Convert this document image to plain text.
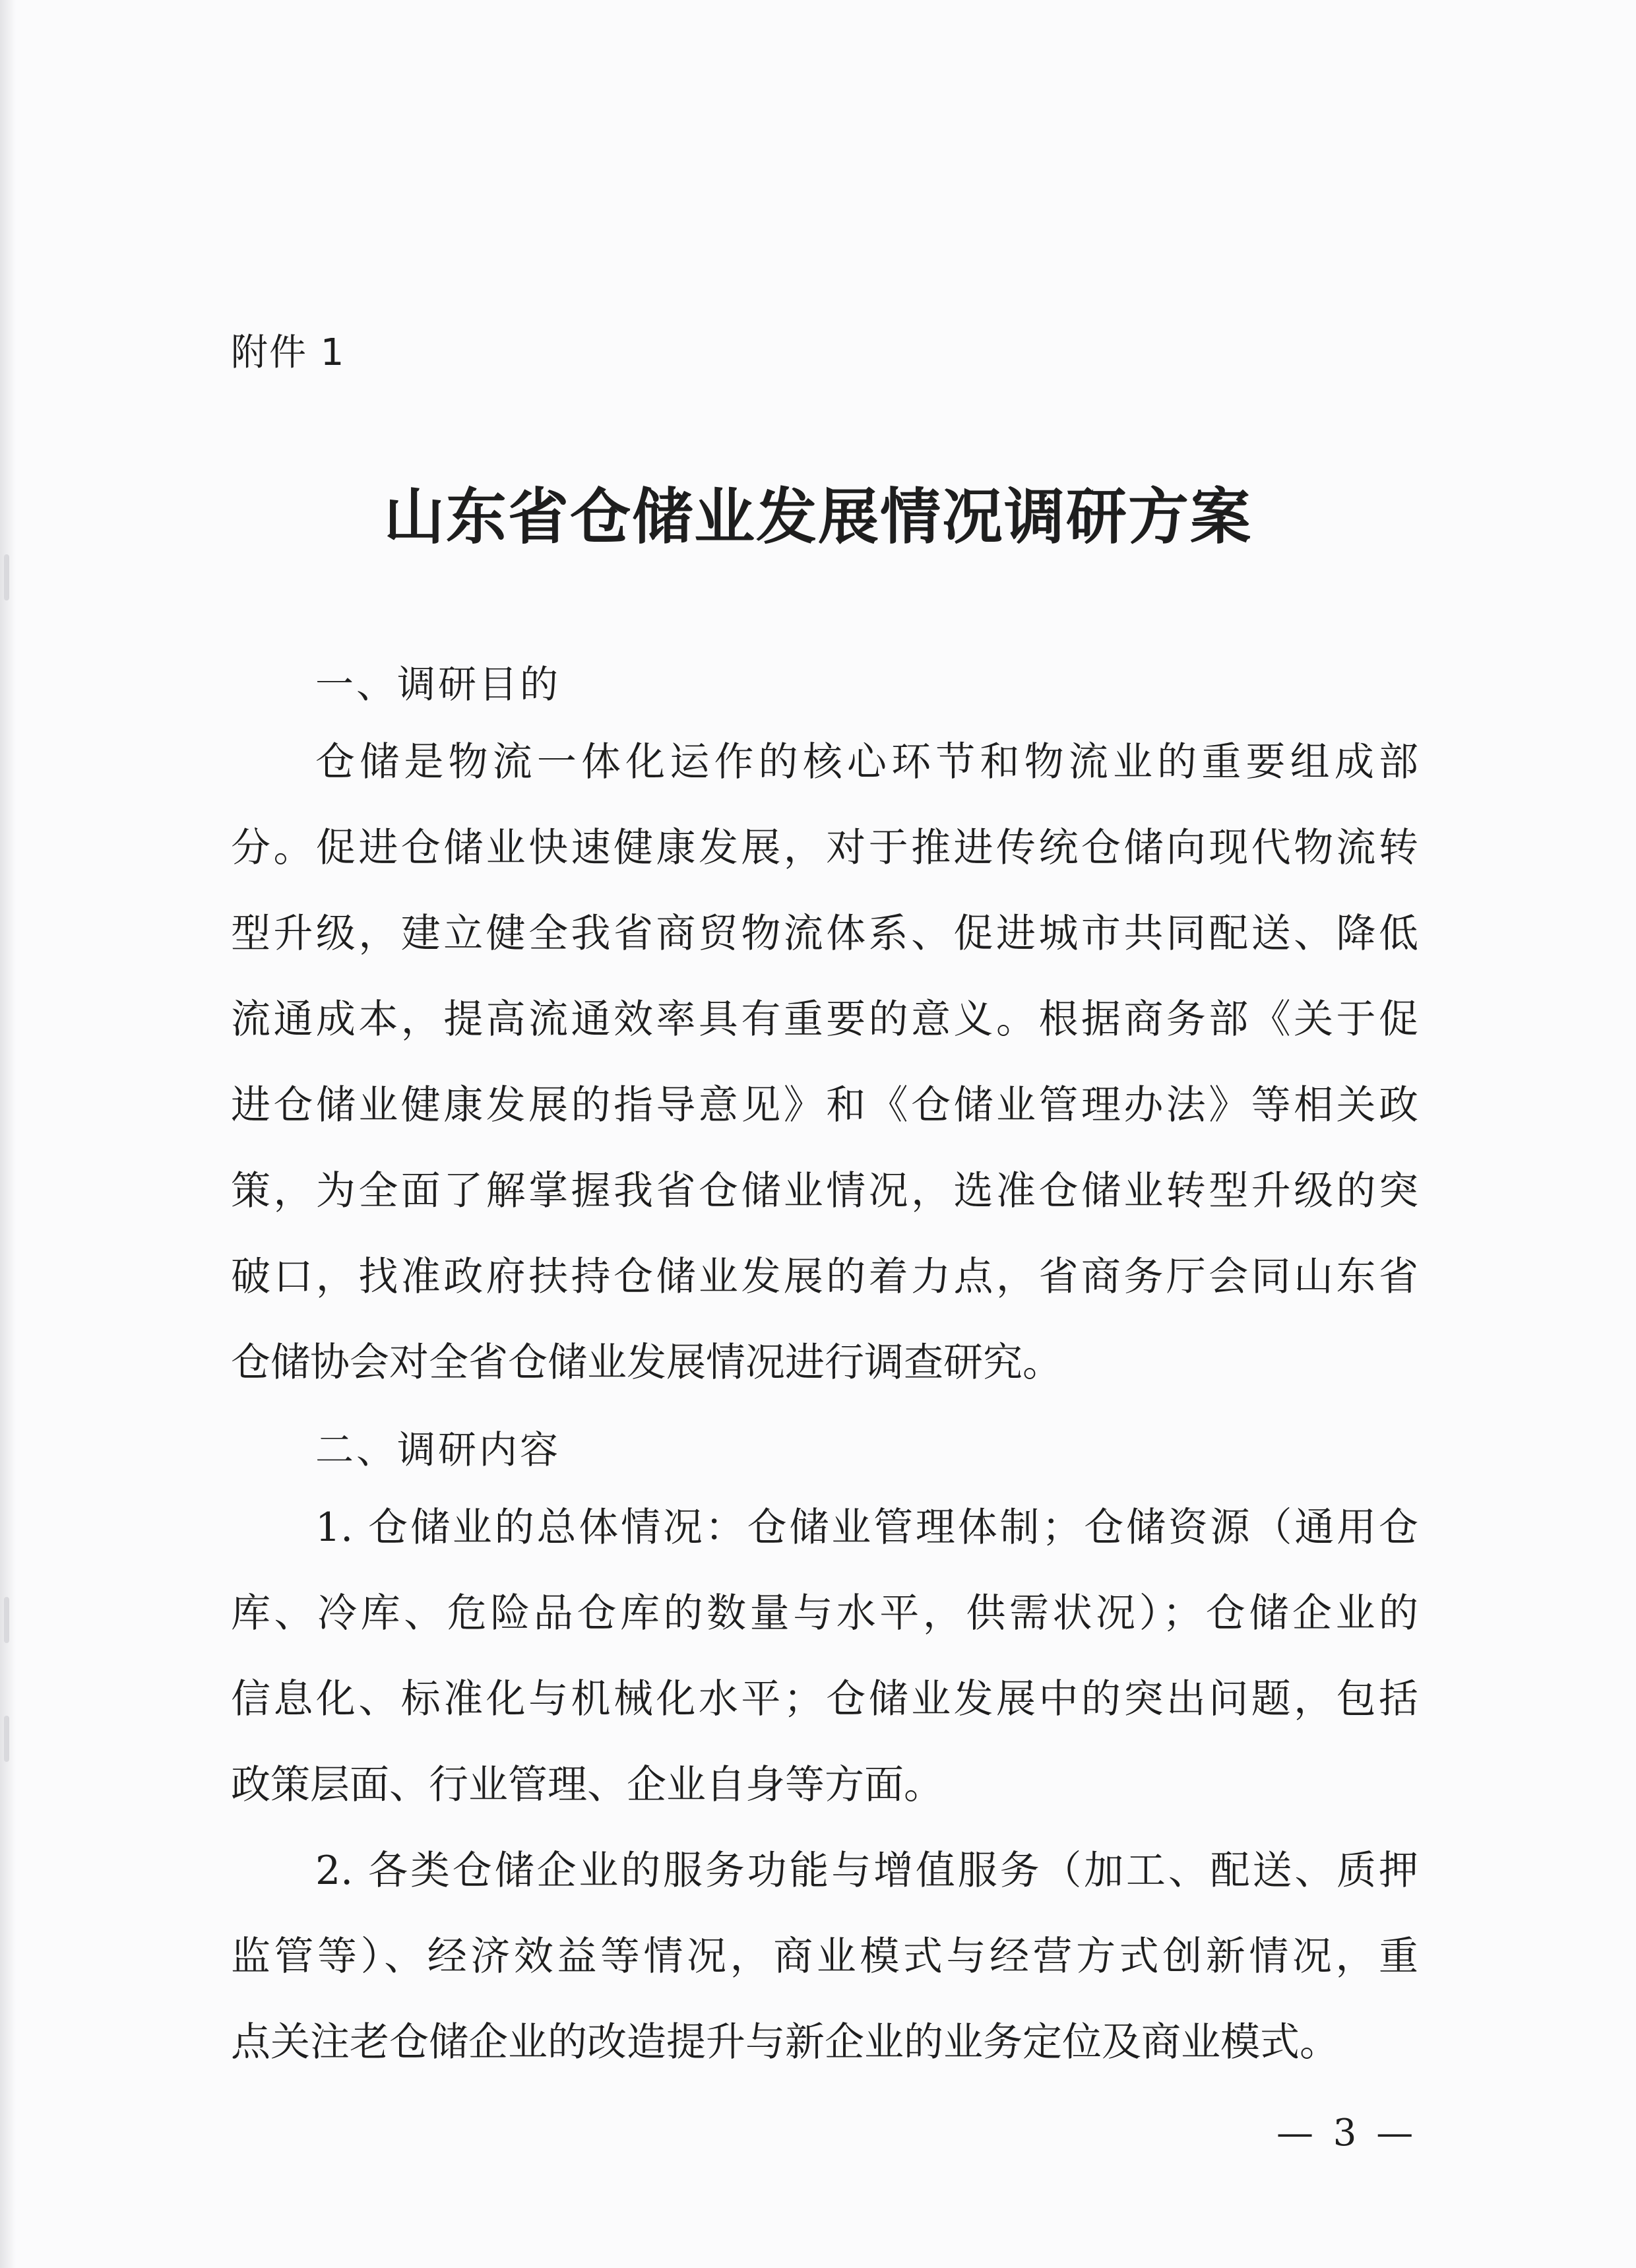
附件 1
山东省仓储业发展情况调研方案
一、调研目的
仓储是物流一体化运作的核心环节和物流业的重要组成部
分。促进仓储业快速健康发展，对于推进传统仓储向现代物流转
型升级，建立健全我省商贸物流体系、促进城市共同配送、降低
流通成本，提高流通效率具有重要的意义。根据商务部《关于促
进仓储业健康发展的指导意见》和《仓储业管理办法》等相关政
策，为全面了解掌握我省仓储业情况，选准仓储业转型升级的突
破口，找准政府扶持仓储业发展的着力点，省商务厅会同山东省
仓储协会对全省仓储业发展情况进行调查研究。
二、调研内容
1. 仓储业的总体情况：仓储业管理体制；仓储资源（通用仓
库、冷库、危险品仓库的数量与水平，供需状况）；仓储企业的
信息化、标准化与机械化水平；仓储业发展中的突出问题，包括
政策层面、行业管理、企业自身等方面。
2. 各类仓储企业的服务功能与增值服务（加工、配送、质押
监管等）、经济效益等情况，商业模式与经营方式创新情况，重
点关注老仓储企业的改造提升与新企业的业务定位及商业模式。
— 3 —
